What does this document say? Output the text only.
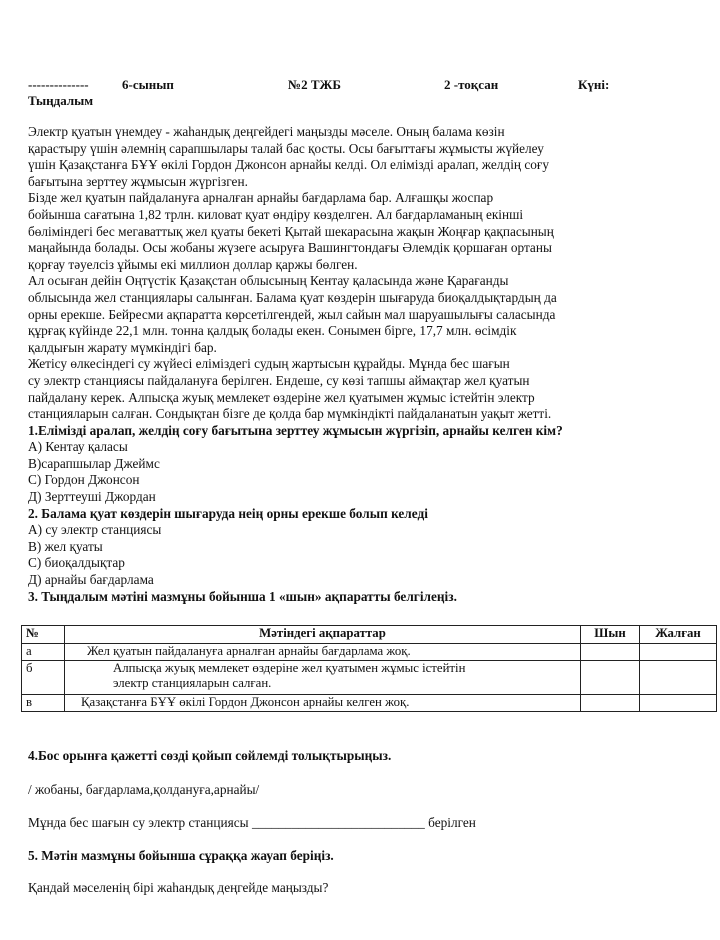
--------------	6-сынып	№2 ТЖБ	2 -тоқсан	Күні:
Тыңдалым

Электр қуатын үнемдеу - жаһандық деңгейдегі маңызды мәселе. Оның балама көзін

қарастыру үшін әлемнің сарапшылары талай бас қосты. Осы бағыттағы жұмысты жүйелеу

үшін Қазақстанға БҰҰ өкілі Гордон Джонсон арнайы келді. Ол елімізді аралап, желдің соғу

бағытына зерттеу жұмысын жүргізген.

Бізде жел қуатын пайдалануға арналған арнайы бағдарлама бар. Алғашқы жоспар

бойынша сағатына 1,82 трлн. киловат қуат өндіру көзделген. Ал бағдарламаның екінші

бөліміндегі бес мегаваттық жел қуаты бекеті Қытай шекарасына жақын Жоңғар қақпасының

маңайында болады. Осы жобаны жүзеге асыруға Вашингтондағы Әлемдік қоршаған ортаны

қорғау тәуелсіз ұйымы екі миллион доллар қаржы бөлген.

Ал осыған дейін Оңтүстік Қазақстан облысының Кентау қаласында және Қарағанды

облысында жел станциялары салынған. Балама қуат көздерін шығаруда биоқалдықтардың да

орны ерекше. Бейресми ақпаратта көрсетілгендей, жыл сайын мал шаруашылығы саласында

құрғақ күйінде 22,1 млн. тонна қалдық болады екен. Сонымен бірге, 17,7 млн. өсімдік

қалдығын жарату мүмкіндігі бар.

Жетісу өлкесіндегі су жүйесі еліміздегі судың жартысын құрайды. Мұнда бес шағын

су электр станциясы пайдалануға берілген. Ендеше, су көзі тапшы аймақтар жел қуатын

пайдалану керек. Алпысқа жуық мемлекет өздеріне жел қуатымен жұмыс істейтін электр

станцияларын салған. Сондықтан бізге де қолда бар мүмкіндікті пайдаланатын уақыт жетті.

1.Елімізді аралап, желдің соғу бағытына зерттеу жұмысын жүргізіп, арнайы келген кім?

А) Кентау қаласы

В)сарапшылар Джеймс

С) Гордон Джонсон

Д) Зерттеуші Джордан

2. Балама қуат көздерін шығаруда неің орны ерекше болып келеді

А) су электр станциясы

В) жел қуаты

С) биоқалдықтар

Д) арнайы бағдарлама

3. Тыңдалым мәтіні мазмұны бойынша 1 «шын» ақпаратты белгілеңіз.

№	Мәтіндегі ақпараттар	Шын	Жалған
а	Жел қуатын пайдалануға арналған арнайы бағдарлама жоқ.		
б	Алпысқа жуық мемлекет өздеріне жел қуатымен жұмыс істейтін
электр станцияларын салған.		

в	Қазақстанға БҰҰ өкілі Гордон Джонсон арнайы келген жоқ.		
4.Бос орынға қажетті сөзді қойып сөйлемді толықтырыңыз.
/ жобаны, бағдарлама,қолдануға,арнайы/
Мұнда бес шағын су электр станциясы __________________________ берілген
5. Мәтін мазмұны бойынша сұраққа жауап беріңіз.
Қандай мәселенің бірі жаһандық деңгейде маңызды?
